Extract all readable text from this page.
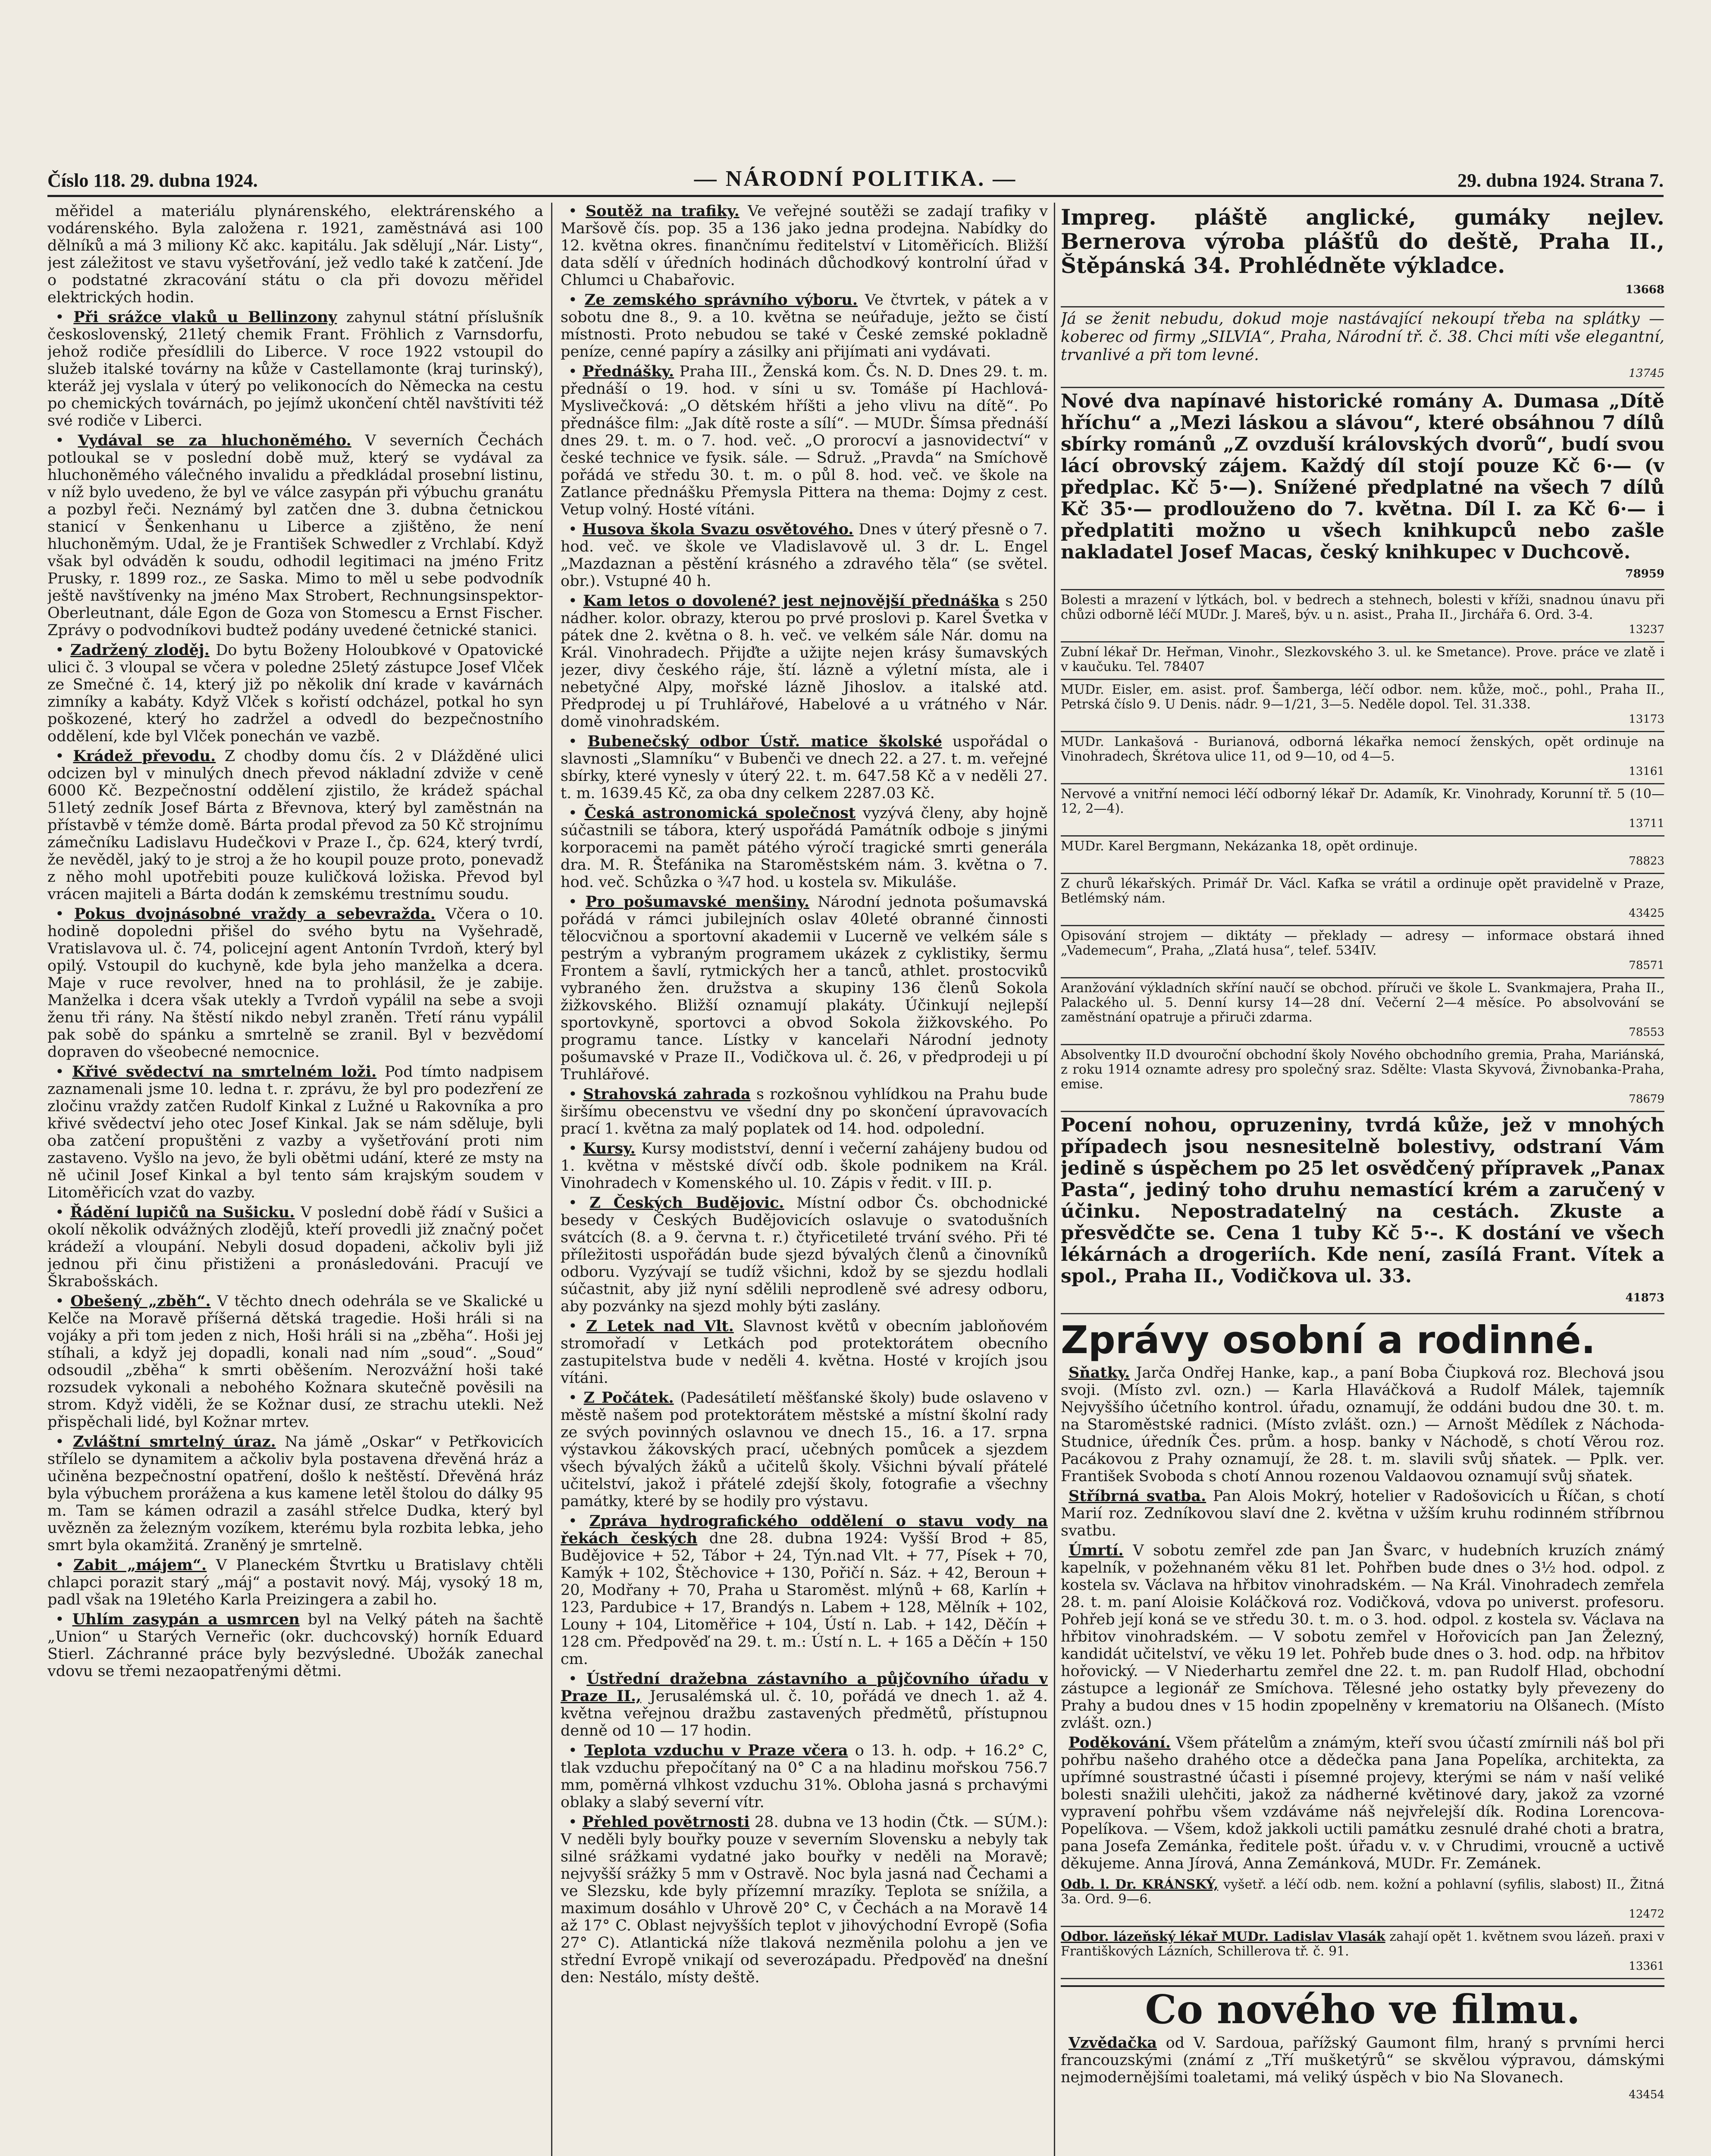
Číslo 118. 29. dubna 1924.	— NÁRODNÍ POLITIKA. —	29. dubna 1924. Strana 7.

měřidel a materiálu plynárenského, elektrárenského a vodárenského. Byla založena r. 1921, zaměstnává asi 100 dělníků a má 3 miliony Kč akc. kapitálu. Jak sdělují „Nár. Listy“, jest záležitost ve stavu vyšetřování, jež vedlo také k zatčení. Jde o podstatné zkracování státu o cla při dovozu měřidel elektrických hodin.

• Při srážce vlaků u Bellinzony zahynul státní příslušník československý, 21letý chemik Frant. Fröhlich z Varnsdorfu, jehož rodiče přesídlili do Liberce. V roce 1922 vstoupil do služeb italské továrny na kůže v Castellamonte (kraj turinský), kteráž jej vyslala v úterý po velikonocích do Německa na cestu po chemických továrnách, po jejímž ukončení chtěl navštíviti též své rodiče v Liberci.

• Vydával se za hluchoněmého. V severních Čechách potloukal se v poslední době muž, který se vydával za hluchoněmého válečného invalidu a předkládal prosební listinu, v níž bylo uvedeno, že byl ve válce zasypán při výbuchu granátu a pozbyl řeči. Neznámý byl zatčen dne 3. dubna četnickou stanicí v Šenkenhanu u Liberce a zjištěno, že není hluchoněmým. Udal, že je František Schwedler z Vrchlabí. Když však byl odváděn k soudu, odhodil legitimaci na jméno Fritz Prusky, r. 1899 roz., ze Saska. Mimo to měl u sebe podvodník ještě navštívenky na jméno Max Strobert, Rechnungsinspektor-Oberleutnant, dále Egon de Goza von Stomescu a Ernst Fischer. Zprávy o podvodníkovi budtež podány uvedené četnické stanici.

• Zadržený zloděj. Do bytu Boženy Holoubkové v Opatovické ulici č. 3 vloupal se včera v poledne 25letý zástupce Josef Vlček ze Smečné č. 14, který již po několik dní krade v kavárnách zimníky a kabáty. Když Vlček s kořistí odcházel, potkal ho syn poškozené, který ho zadržel a odvedl do bezpečnostního oddělení, kde byl Vlček ponechán ve vazbě.

• Krádež převodu. Z chodby domu čís. 2 v Dlážděné ulici odcizen byl v minulých dnech převod nákladní zdviže v ceně 6000 Kč. Bezpečnostní oddělení zjistilo, že krádež spáchal 51letý zedník Josef Bárta z Břevnova, který byl zaměstnán na přístavbě v témže domě. Bárta prodal převod za 50 Kč strojnímu zámečníku Ladislavu Hudečkovi v Praze I., čp. 624, který tvrdí, že nevěděl, jaký to je stroj a že ho koupil pouze proto, ponevadž z něho mohl upotřebiti pouze kuličková ložiska. Převod byl vrácen majiteli a Bárta dodán k zemskému trestnímu soudu.

• Pokus dvojnásobné vraždy a sebevražda. Včera o 10. hodině dopoledni přišel do svého bytu na Vyšehradě, Vratislavova ul. č. 74, policejní agent Antonín Tvrdoň, který byl opilý. Vstoupil do kuchyně, kde byla jeho manželka a dcera. Maje v ruce revolver, hned na to prohlásil, že je zabije. Manželka i dcera však utekly a Tvrdoň vypálil na sebe a svoji ženu tři rány. Na štěstí nikdo nebyl zraněn. Třetí ránu vypálil pak sobě do spánku a smrtelně se zranil. Byl v bezvědomí dopraven do všeobecné nemocnice.

• Křivé svědectví na smrtelném loži. Pod tímto nadpisem zaznamenali jsme 10. ledna t. r. zprávu, že byl pro podezření ze zločinu vraždy zatčen Rudolf Kinkal z Lužné u Rakovníka a pro křivé svědectví jeho otec Josef Kinkal. Jak se nám sděluje, byli oba zatčení propuštěni z vazby a vyšetřování proti nim zastaveno. Vyšlo na jevo, že byli obětmi udání, které ze msty na ně učinil Josef Kinkal a byl tento sám krajským soudem v Litoměřicích vzat do vazby.

• Řádění lupičů na Sušicku. V poslední době řádí v Sušici a okolí několik odvážných zlodějů, kteří provedli již značný počet krádeží a vloupání. Nebyli dosud dopadeni, ačkoliv byli již jednou při činu přistiženi a pronásledováni. Pracují ve Škrabošskách.

• Obešený „zběh“. V těchto dnech odehrála se ve Skalické u Kelče na Moravě příšerná dětská tragedie. Hoši hráli si na vojáky a při tom jeden z nich, Hoši hráli si na „zběha“. Hoši jej stíhali, a když jej dopadli, konali nad ním „soud“. „Soud“ odsoudil „zběha“ k smrti oběšením. Nerozvážní hoši také rozsudek vykonali a nebohého Kožnara skutečně pověsili na strom. Když viděli, že se Kožnar dusí, ze strachu utekli. Než přispěchali lidé, byl Kožnar mrtev.

• Zvláštní smrtelný úraz. Na jámě „Oskar“ v Petřkovicích střílelo se dynamitem a ačkoliv byla postavena dřevěná hráz a učiněna bezpečnostní opatření, došlo k neštěstí. Dřevěná hráz byla výbuchem prorážena a kus kamene letěl štolou do dálky 95 m. Tam se kámen odrazil a zasáhl střelce Dudka, který byl uvězněn za železným vozíkem, kterému byla rozbita lebka, jeho smrt byla okamžitá. Zraněný je smrtelně.

• Zabit „májem“. V Planeckém Štvrtku u Bratislavy chtěli chlapci porazit starý „máj“ a postavit nový. Máj, vysoký 18 m, padl však na 19letého Karla Preizingera a zabil ho.

• Uhlím zasypán a usmrcen byl na Velký páteh na šachtě „Union“ u Starých Verneřic (okr. duchcovský) horník Eduard Stierl. Záchranné práce byly bezvýsledné. Ubožák zanechal vdovu se třemi nezaopatřenými dětmi.

• Soutěž na trafiky. Ve veřejné soutěži se zadají trafiky v Maršově čís. pop. 35 a 136 jako jedna prodejna. Nabídky do 12. května okres. finančnímu ředitelství v Litoměřicích. Bližší data sdělí v úředních hodinách důchodkový kontrolní úřad v Chlumci u Chabařovic.

• Ze zemského správního výboru. Ve čtvrtek, v pátek a v sobotu dne 8., 9. a 10. května se neúřaduje, ježto se čistí místnosti. Proto nebudou se také v České zemské pokladně peníze, cenné papíry a zásilky ani přijímati ani vydávati.

• Přednášky. Praha III., Ženská kom. Čs. N. D. Dnes 29. t. m. přednáší o 19. hod. v síni u sv. Tomáše pí Hachlová-Myslivečková: „O dětském hříšti a jeho vlivu na dítě“. Po přednášce film: „Jak dítě roste a sílí“. — MUDr. Šímsa přednáší dnes 29. t. m. o 7. hod. več. „O prorocví a jasnovidectví“ v české technice ve fysik. sále. — Sdruž. „Pravda“ na Smíchově pořádá ve středu 30. t. m. o půl 8. hod. več. ve škole na Zatlance přednášku Přemysla Pittera na thema: Dojmy z cest. Vetup volný. Hosté vítáni.

• Husova škola Svazu osvětového. Dnes v úterý přesně o 7. hod. več. ve škole ve Vladislavově ul. 3 dr. L. Engel „Mazdaznan a pěstění krásného a zdravého těla“ (se světel. obr.). Vstupné 40 h.

• Kam letos o dovolené? jest nejnovější přednáška s 250 nádher. kolor. obrazy, kterou po prvé proslovi p. Karel Švetka v pátek dne 2. května o 8. h. več. ve velkém sále Nár. domu na Král. Vinohradech. Přijďte a užijte nejen krásy šumavských jezer, divy českého ráje, ští. lázně a výletní místa, ale i nebetyčné Alpy, mořské lázně Jihoslov. a italské atd. Předprodej u pí Truhlářové, Habelové a u vrátného v Nár. domě vinohradském.

• Bubenečský odbor Ústř. matice školské uspořádal o slavnosti „Slamníku“ v Bubenči ve dnech 22. a 27. t. m. veřejné sbírky, které vynesly v úterý 22. t. m. 647.58 Kč a v neděli 27. t. m. 1639.45 Kč, za oba dny celkem 2287.03 Kč.

• Česká astronomická společnost vyzývá členy, aby hojně súčastnili se tábora, který uspořádá Památník odboje s jinými korporacemi na pamět pátého výročí tragické smrti generála dra. M. R. Štefánika na Staroměstském nám. 3. května o 7. hod. več. Schůzka o ¾7 hod. u kostela sv. Mikuláše.

• Pro pošumavské menšiny. Národní jednota pošumavská pořádá v rámci jubilejních oslav 40leté obranné činnosti tělocvičnou a sportovní akademii v Lucerně ve velkém sále s pestrým a vybraným programem ukázek z cyklistiky, šermu Frontem a šavlí, rytmických her a tanců, athlet. prostocviků vybraného žen. družstva a skupiny 136 členů Sokola žižkovského. Bližší oznamují plakáty. Účinkují nejlepší sportovkyně, sportovci a obvod Sokola žižkovského. Po programu tance. Lístky v kancelaři Národní jednoty pošumavské v Praze II., Vodičkova ul. č. 26, v předprodeji u pí Truhlářové.

• Strahovská zahrada s rozkošnou vyhlídkou na Prahu bude širšímu obecenstvu ve všední dny po skončení úpravovacích prací 1. května za malý poplatek od 14. hod. odpolední.

• Kursy. Kursy modistství, denní i večerní zahájeny budou od 1. května v městské dívčí odb. škole podnikem na Král. Vinohradech v Komenského ul. 10. Zápis v ředit. v III. p.

• Z Českých Budějovic. Místní odbor Čs. obchodnické besedy v Českých Budějovicích oslavuje o svatodušních svátcích (8. a 9. června t. r.) čtyřicetileté trvání svého. Při té příležitosti uspořádán bude sjezd bývalých členů a činovníků odboru. Vyzývají se tudíž všichni, kdož by se sjezdu hodlali súčastnit, aby již nyní sdělili neprodleně své adresy odboru, aby pozvánky na sjezd mohly býti zaslány.

• Z Letek nad Vlt. Slavnost květů v obecním jabloňovém stromořadí v Letkách pod protektorátem obecního zastupitelstva bude v neděli 4. května. Hosté v krojích jsou vítáni.

• Z Počátek. (Padesátiletí měšťanské školy) bude oslaveno v městě našem pod protektorátem městské a místní školní rady ze svých povinných oslavnou ve dnech 15., 16. a 17. srpna výstavkou žákovských prací, učebných pomůcek a sjezdem všech bývalých žáků a učitelů školy. Všichni bývalí přátelé učitelství, jakož i přátelé zdejší školy, fotografie a všechny památky, které by se hodily pro výstavu.

• Zpráva hydrografického oddělení o stavu vody na řekách českých dne 28. dubna 1924: Vyšší Brod + 85, Budějovice + 52, Tábor + 24, Týn.nad Vlt. + 77, Písek + 70, Kamýk + 102, Štěchovice + 130, Pořičí n. Sáz. + 42, Beroun + 20, Modřany + 70, Praha u Staroměst. mlýnů + 68, Karlín + 123, Pardubice + 17, Brandýs n. Labem + 128, Mělník + 102, Louny + 104, Litoměřice + 104, Ústí n. Lab. + 142, Děčín + 128 cm. Předpověď na 29. t. m.: Ústí n. L. + 165 a Děčín + 150 cm.

• Ústřední dražebna zástavního a půjčovního úřadu v Praze II., Jerusalémská ul. č. 10, pořádá ve dnech 1. až 4. května veřejnou dražbu zastavených předmětů, přístupnou denně od 10 — 17 hodin.

• Teplota vzduchu v Praze včera o 13. h. odp. + 16.2° C, tlak vzduchu přepočítaný na 0° C a na hladinu mořskou 756.7 mm, poměrná vlhkost vzduchu 31%. Obloha jasná s prchavými oblaky a slabý severní vítr.

• Přehled povětrnosti 28. dubna ve 13 hodin (Čtk. — SÚM.): V neděli byly bouřky pouze v severním Slovensku a nebyly tak silné srážkami vydatné jako bouřky v neděli na Moravě; nejvyšší srážky 5 mm v Ostravě. Noc byla jasná nad Čechami a ve Slezsku, kde byly přízemní mrazíky. Teplota se snížila, a maximum dosáhlo v Uhrově 20° C, v Čechách a na Moravě 14 až 17° C. Oblast nejvyšších teplot v jihovýchodní Evropě (Sofia 27° C). Atlantická níže tlaková nezměnila polohu a jen ve střední Evropě vnikají od severozápadu. Předpověď na dnešní den: Nestálo, místy deště.

Impreg. pláště anglické, gumáky nejlev. Bernerova výroba plášťů do deště, Praha II., Štěpánská 34. Prohlédněte výkladce.
13668
Já se ženit nebudu, dokud moje nastávající nekoupí třeba na splátky — koberec od firmy „SILVIA“, Praha, Národní tř. č. 38. Chci míti vše elegantní, trvanlivé a při tom levné.
13745
Nové dva napínavé historické romány A. Dumasa „Dítě hříchu“ a „Mezi láskou a slávou“, které obsáhnou 7 dílů sbírky románů „Z ovzduší královských dvorů“, budí svou lácí obrovský zájem. Každý díl stojí pouze Kč 6·— (v předplac. Kč 5·—). Snížené předplatné na všech 7 dílů Kč 35·— prodlouženo do 7. května. Díl I. za Kč 6·— i předplatiti možno u všech knihkupců nebo zašle nakladatel Josef Macas, český knihkupec v Duchcově.
78959
Bolesti a mrazení v lýtkách, bol. v bedrech a stehnech, bolesti v kříži, snadnou únavu při chůzi odborně léčí MUDr. J. Mareš, býv. u n. asist., Praha II., Jirchářa 6. Ord. 3-4.
13237
Zubní lékař Dr. Heřman, Vinohr., Slezkovského 3. ul. ke Smetance). Prove. práce ve zlatě i v kaučuku. Tel. 78407
MUDr. Eisler, em. asist. prof. Šamberga, léčí odbor. nem. kůže, moč., pohl., Praha II., Petrská číslo 9. U Denis. nádr. 9—1/21, 3—5. Neděle dopol. Tel. 31.338.
13173
MUDr. Lankašová - Burianová, odborná lékařka nemocí ženských, opět ordinuje na Vinohradech, Škrétova ulice 11, od 9—10, od 4—5.
13161
Nervové a vnitřní nemoci léčí odborný lékař Dr. Adamík, Kr. Vinohrady, Korunní tř. 5 (10—12, 2—4).
13711
MUDr. Karel Bergmann, Nekázanka 18, opět ordinuje.
78823
Z churů lékařských. Primář Dr. Václ. Kafka se vrátil a ordinuje opět pravidelně v Praze, Betlémský nám.
43425
Opisování strojem — diktáty — překlady — adresy — informace obstará ihned „Vademecum“, Praha, „Zlatá husa“, telef. 534IV.
78571
Aranžování výkladních skříní naučí se obchod. příruči ve škole L. Svankmajera, Praha II., Palackého ul. 5. Denní kursy 14—28 dní. Večerní 2—4 měsíce. Po absolvování se zaměstnání opatruje a přiruči zdarma.
78553
Absolventky II.D dvouroční obchodní školy Nového obchodního gremia, Praha, Mariánská, z roku 1914 oznamte adresy pro společný sraz. Sdělte: Vlasta Skyvová, Živnobanka-Praha, emise.
78679
Pocení nohou, opruzeniny, tvrdá kůže, jež v mnohých případech jsou nesnesitelně bolestivy, odstraní Vám jedině s úspěchem po 25 let osvědčený přípravek „Panax Pasta“, jediný toho druhu nemastící krém a zaručený v účinku. Nepostradatelný na cestách. Zkuste a přesvědčte se. Cena 1 tuby Kč 5·-. K dostání ve všech lékárnách a drogeriích. Kde není, zasílá Frant. Vítek a spol., Praha II., Vodičkova ul. 33.
41873
Zprávy osobní a rodinné.

Sňatky. Jarča Ondřej Hanke, kap., a paní Boba Čiupková roz. Blechová jsou svoji. (Místo zvl. ozn.) — Karla Hlaváčková a Rudolf Málek, tajemník Nejvyššího účetního kontrol. úřadu, oznamují, že oddáni budou dne 30. t. m. na Staroměstské radnici. (Místo zvlášt. ozn.) — Arnošt Mědílek z Náchoda-Studnice, úředník Čes. prům. a hosp. banky v Náchodě, s chotí Věrou roz. Pacákovou z Prahy oznamují, že 28. t. m. slavili svůj sňatek. — Pplk. ver. František Svoboda s chotí Annou rozenou Valdaovou oznamují svůj sňatek.

Stříbrná svatba. Pan Alois Mokrý, hotelier v Radošovicích u Říčan, s chotí Marií roz. Zedníkovou slaví dne 2. května v užším kruhu rodinném stříbrnou svatbu.

Úmrtí. V sobotu zemřel zde pan Jan Švarc, v hudebních kruzích známý kapelník, v požehnaném věku 81 let. Pohřben bude dnes o 3½ hod. odpol. z kostela sv. Václava na hřbitov vinohradském. — Na Král. Vinohradech zemřela 28. t. m. paní Aloisie Koláčková roz. Vodičková, vdova po universt. profesoru. Pohřeb její koná se ve středu 30. t. m. o 3. hod. odpol. z kostela sv. Václava na hřbitov vinohradském. — V sobotu zemřel v Hořovicích pan Jan Železný, kandidát učitelství, ve věku 19 let. Pohřeb bude dnes o 3. hod. odp. na hřbitov hořovický. — V Niederhartu zemřel dne 22. t. m. pan Rudolf Hlad, obchodní zástupce a legionář ze Smíchova. Tělesné jeho ostatky byly převezeny do Prahy a budou dnes v 15 hodin zpopelněny v krematoriu na Olšanech. (Místo zvlášt. ozn.)

Poděkování. Všem přátelům a známým, kteří svou účastí zmírnili náš bol při pohřbu našeho drahého otce a dědečka pana Jana Popelíka, architekta, za upřímné soustrastné účasti i písemné projevy, kterými se nám v naší veliké bolesti snažili ulehčiti, jakož za nádherné květinové dary, jakož za vzorné vypravení pohřbu všem vzdáváme náš nejvřelejší dík. Rodina Lorencova-Popelíkova. — Všem, kdož jakkoli uctili památku zesnulé drahé choti a bratra, pana Josefa Zemánka, ředitele pošt. úřadu v. v. v Chrudimi, vroucně a uctivě děkujeme. Anna Jírová, Anna Zemánková, MUDr. Fr. Zemánek.

Odb. l. Dr. KRÁNSKÝ, vyšetř. a léčí odb. nem. kožní a pohlavní (syfilis, slabost) II., Žitná 3a. Ord. 9—6.
12472
Odbor. lázeňský lékař MUDr. Ladislav Vlasák zahají opět 1. květnem svou lázeň. praxi v Františkových Lázních, Schillerova tř. č. 91.
13361
Co nového ve filmu.

Vzvědačka od V. Sardoua, pařížský Gaumont film, hraný s prvními herci francouzskými (známí z „Tří mušketýrů“ se skvělou výpravou, dámskými nejmodernějšími toaletami, má veliký úspěch v bio Na Slovanech.
43454
